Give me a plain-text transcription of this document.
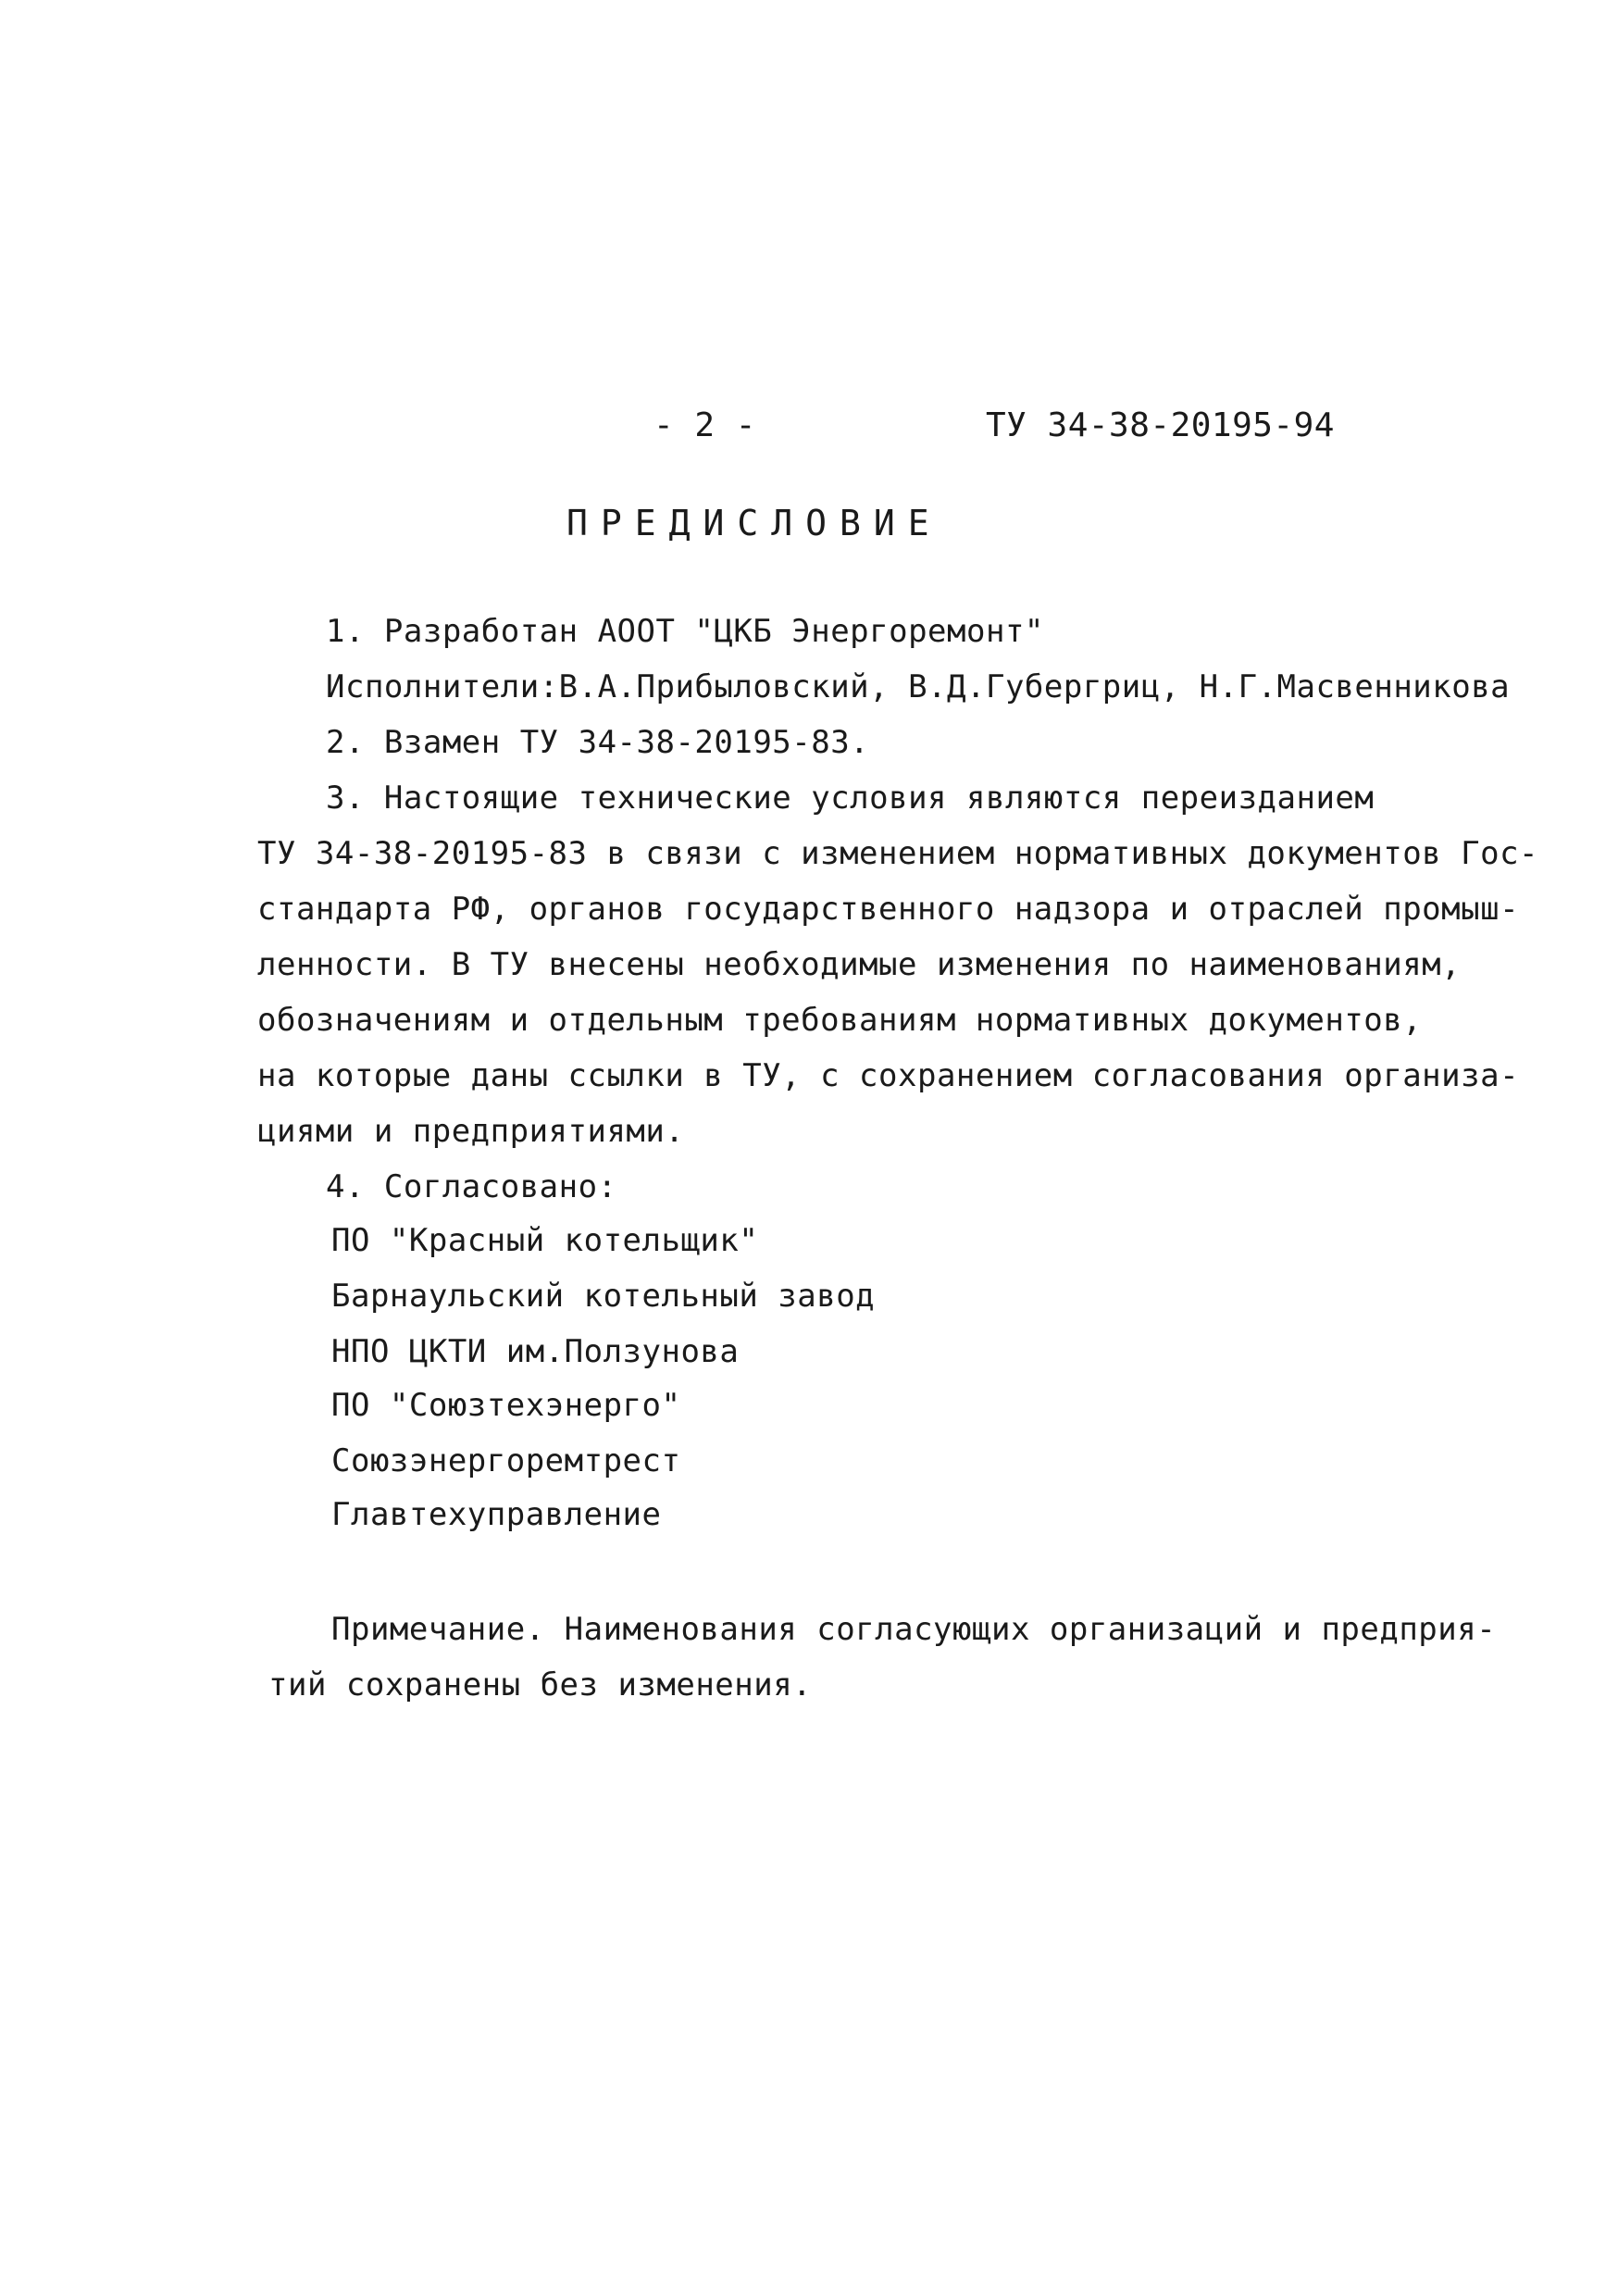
- 2 -	ТУ 34-38-20195-94
ПРЕДИСЛОВИЕ
1. Разработан АООТ "ЦКБ Энергоремонт"
Исполнители:В.А.Прибыловский, В.Д.Губергриц, Н.Г.Масвенникова
2. Взамен ТУ 34-38-20195-83.
3. Настоящие технические условия являются переизданием
ТУ 34-38-20195-83 в связи с изменением нормативных документов Гос-
стандарта РФ, органов государственного надзора и отраслей промыш-
ленности. В ТУ внесены необходимые изменения по наименованиям,
обозначениям и отдельным требованиям нормативных документов,
на которые даны ссылки в ТУ, с сохранением согласования организа-
циями и предприятиями.
4. Согласовано:
ПО "Красный котельщик"
Барнаульский котельный завод
НПО ЦКТИ им.Ползунова
ПО "Союзтехэнерго"
Союзэнергоремтрест
Главтехуправление
Примечание. Наименования согласующих организаций и предприя-
тий сохранены без изменения.
